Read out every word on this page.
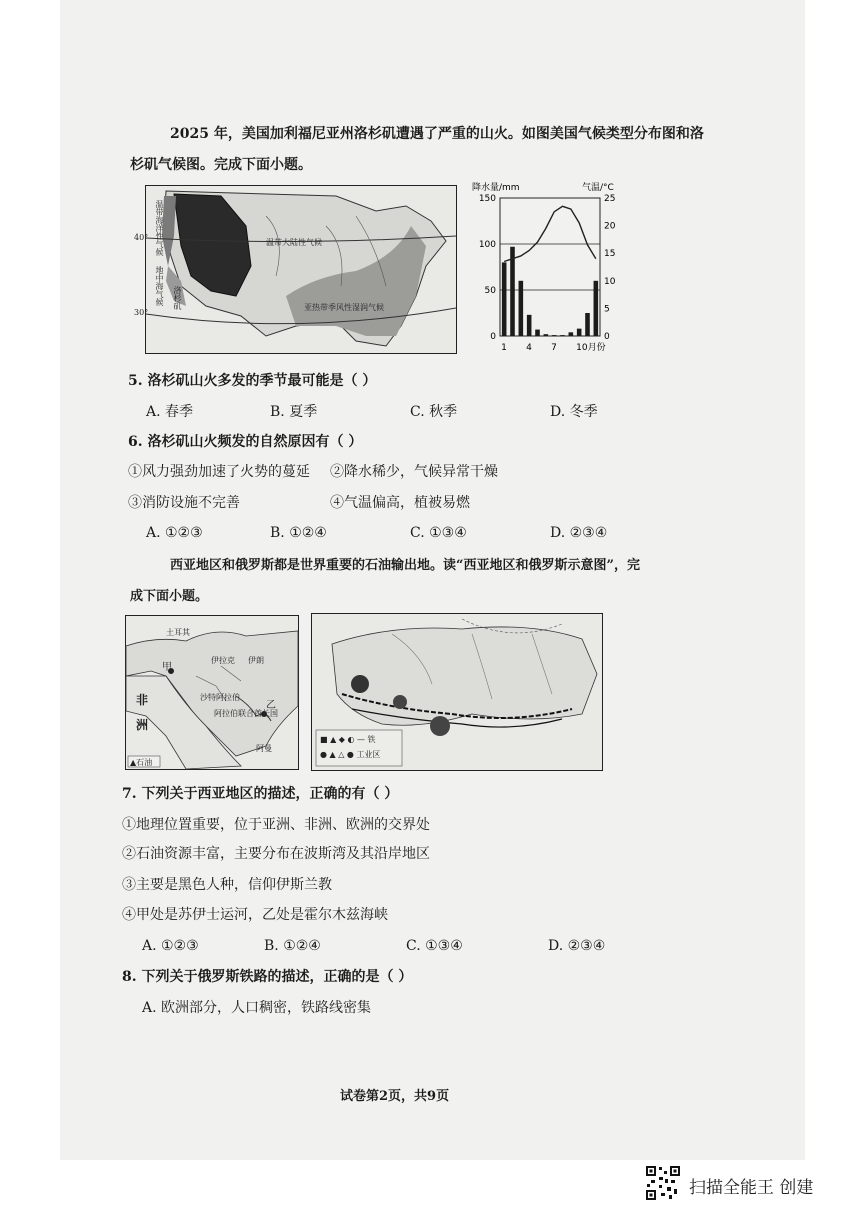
2025 年，美国加利福尼亚州洛杉矶遭遇了严重的山火。如图美国气候类型分布图和洛
杉矶气候图。完成下面小题。
40°
30°
温带大陆性气候
亚热带季风性湿润气候
温带海洋性气候
地中海气候 洛杉矶
降水量/mm	气温/°C
150
100
50
0
25
20
15
10
5
0
1 4 7 10月份
5. 洛杉矶山火多发的季节最可能是（ ）
A. 春季	B. 夏季	C. 秋季	D. 冬季
6. 洛杉矶山火频发的自然原因有（ ）
①风力强劲加速了火势的蔓延 ②降水稀少，气候异常干燥
③消防设施不完善	④气温偏高，植被易燃
A. ①②③	B. ①②④	C. ①③④	D. ②③④
西亚地区和俄罗斯都是世界重要的石油输出地。读“西亚地区和俄罗斯示意图”，完
成下面小题。
甲
乙
非
洲
伊朗
伊拉克
沙特阿拉伯
阿拉伯联合酋长国
阿曼
土耳其
▲石油
■ ▲ ◆ ◐ — 铁
● ▲ △ ● 工业区
7. 下列关于西亚地区的描述，正确的有（ ）
①地理位置重要，位于亚洲、非洲、欧洲的交界处
②石油资源丰富，主要分布在波斯湾及其沿岸地区
③主要是黑色人种，信仰伊斯兰教
④甲处是苏伊士运河，乙处是霍尔木兹海峡
A. ①②③	B. ①②④	C. ①③④	D. ②③④
8. 下列关于俄罗斯铁路的描述，正确的是（ ）
A. 欧洲部分，人口稠密，铁路线密集
试卷第2页，共9页
扫描全能王 创建
